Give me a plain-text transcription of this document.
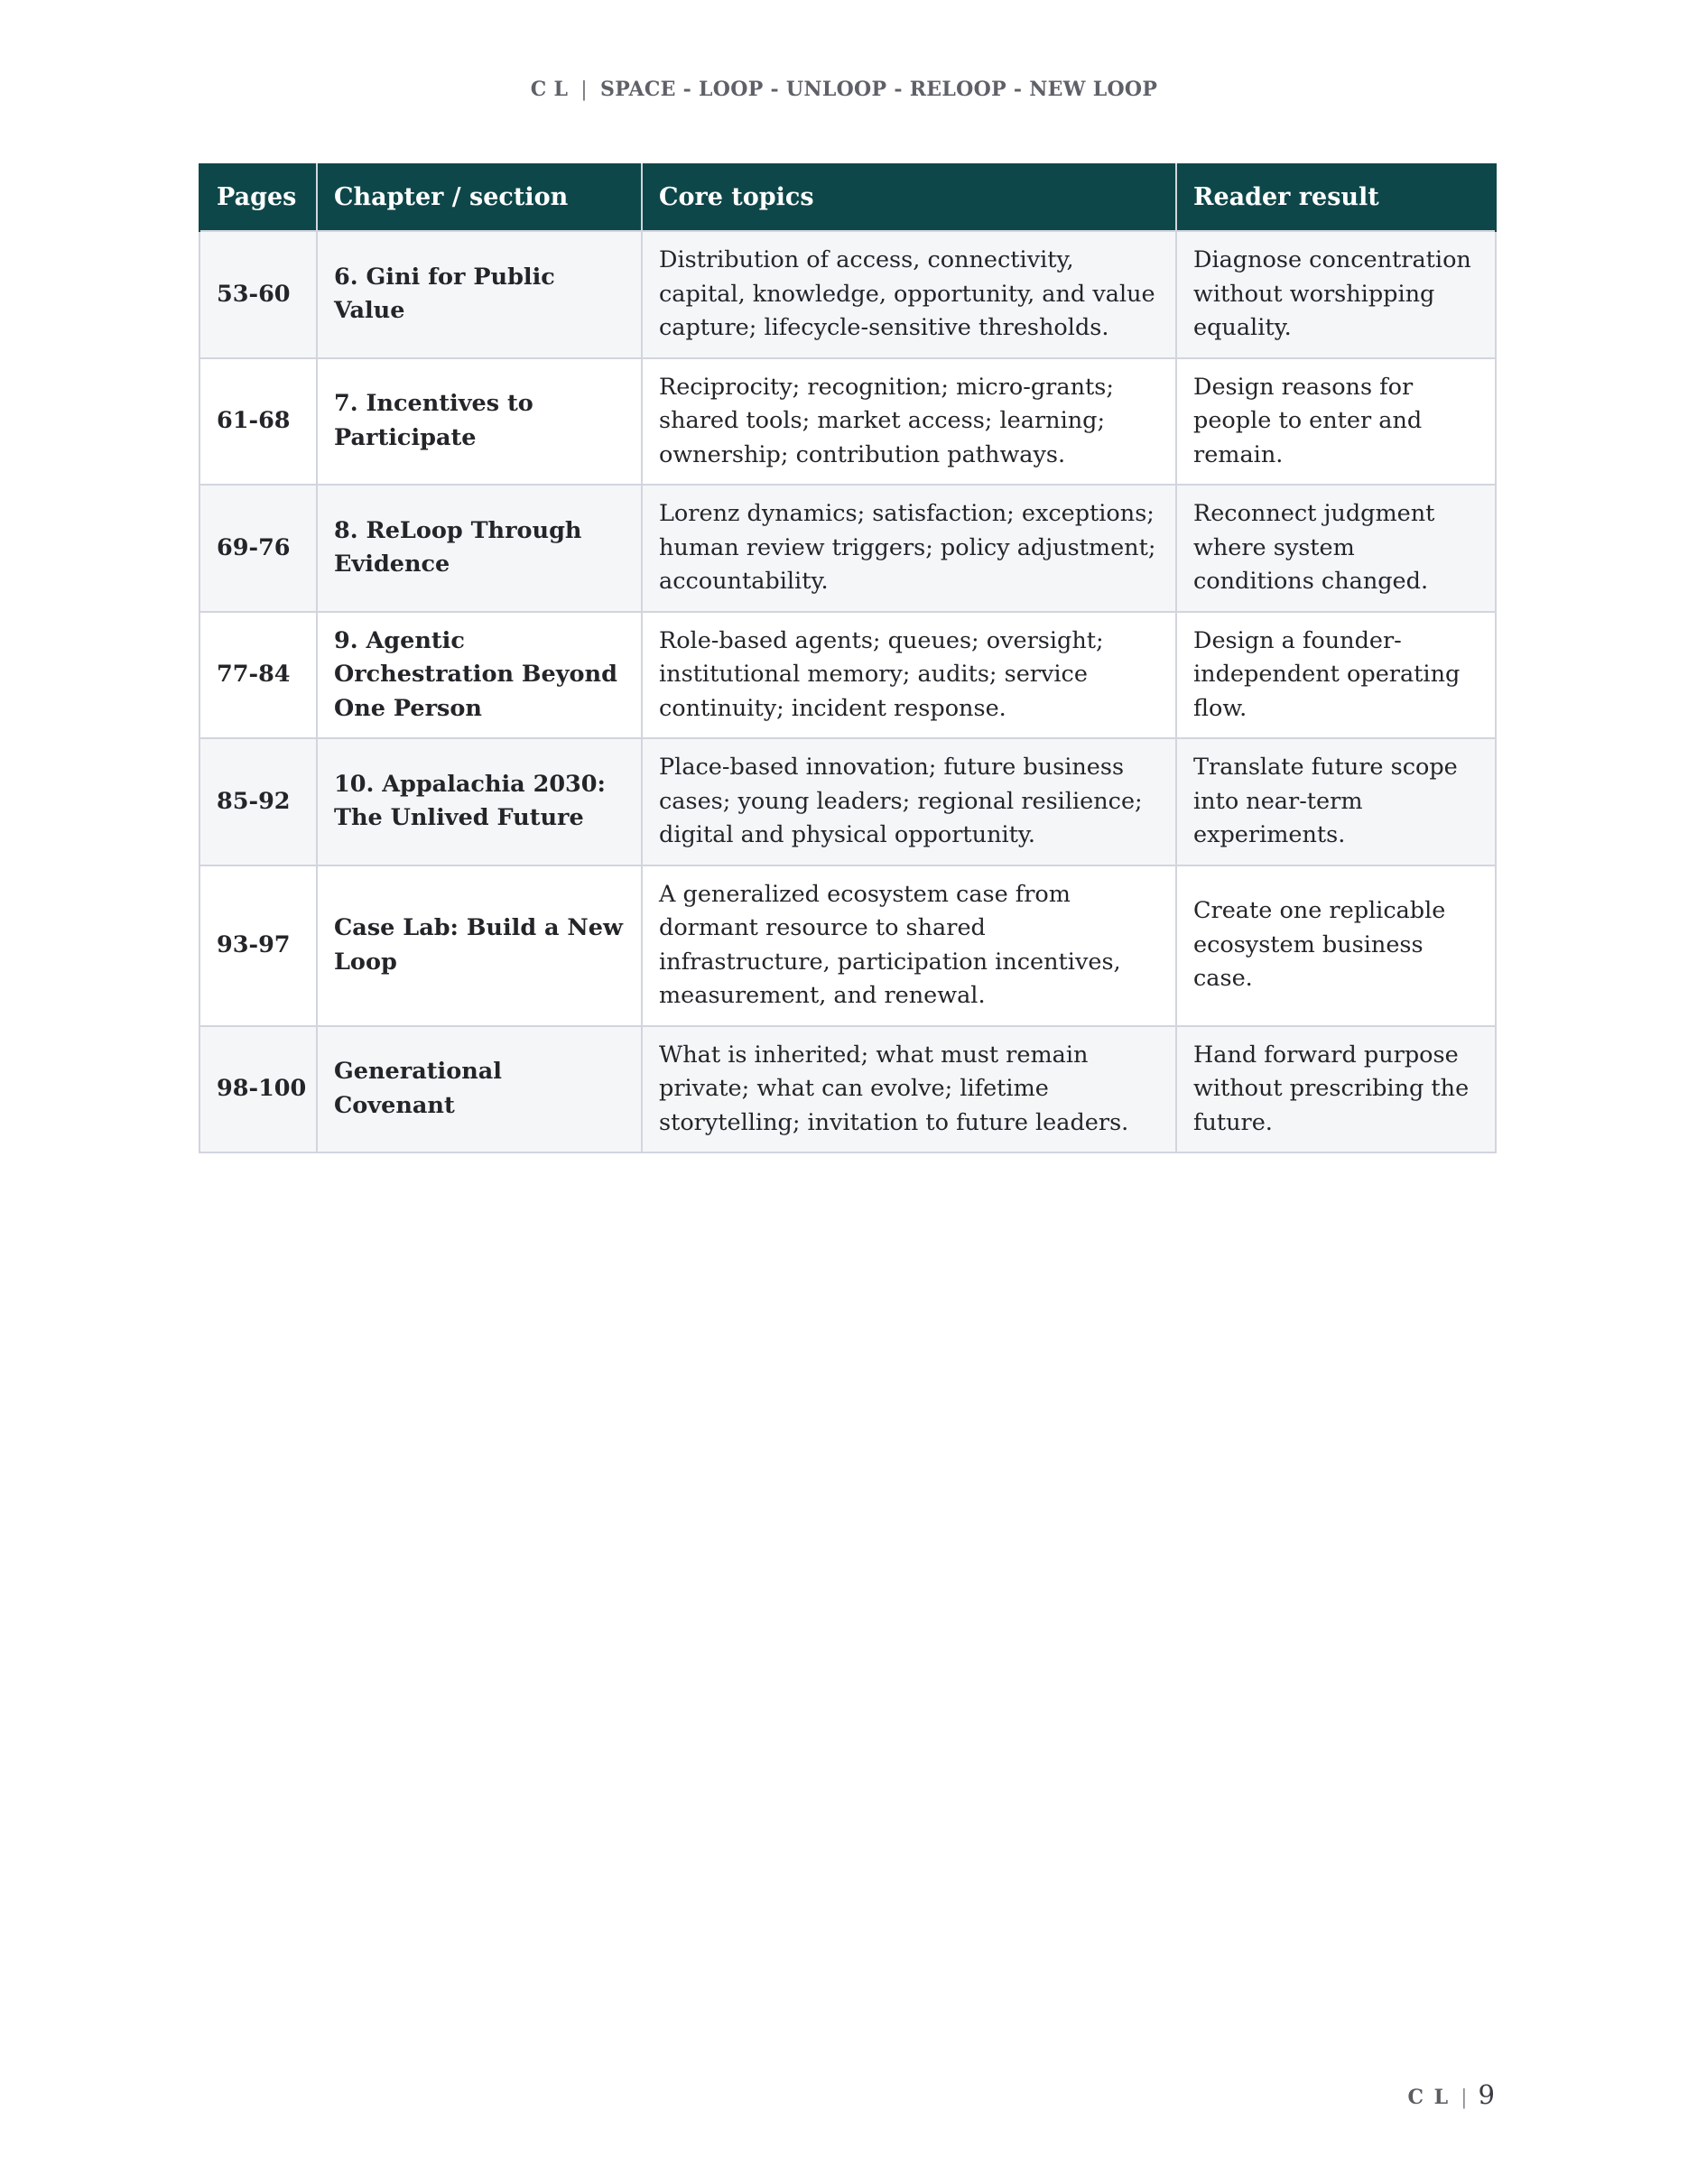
C L | SPACE - LOOP - UNLOOP - RELOOP - NEW LOOP
Pages	Chapter / section	Core topics	Reader result
53-60	6. Gini for Public Value	Distribution of access, connectivity, capital, knowledge, opportunity, and value capture; lifecycle-sensitive thresholds.	Diagnose concentration without worshipping equality.
61-68	7. Incentives to Participate	Reciprocity; recognition; micro-grants; shared tools; market access; learning; ownership; contribution pathways.	Design reasons for people to enter and remain.
69-76	8. ReLoop Through Evidence	Lorenz dynamics; satisfaction; exceptions; human review triggers; policy adjustment; accountability.	Reconnect judgment where system conditions changed.
77-84	9. Agentic Orchestration Beyond One Person	Role-based agents; queues; oversight; institutional memory; audits; service continuity; incident response.	Design a founder-independent operating flow.
85-92	10. Appalachia 2030: The Unlived Future	Place-based innovation; future business cases; young leaders; regional resilience; digital and physical opportunity.	Translate future scope into near-term experiments.
93-97	Case Lab: Build a New Loop	A generalized ecosystem case from dormant resource to shared infrastructure, participation incentives, measurement, and renewal.	Create one replicable ecosystem business case.
98-100	Generational Covenant	What is inherited; what must remain private; what can evolve; lifetime storytelling; invitation to future leaders.	Hand forward purpose without prescribing the future.
C L | 9
